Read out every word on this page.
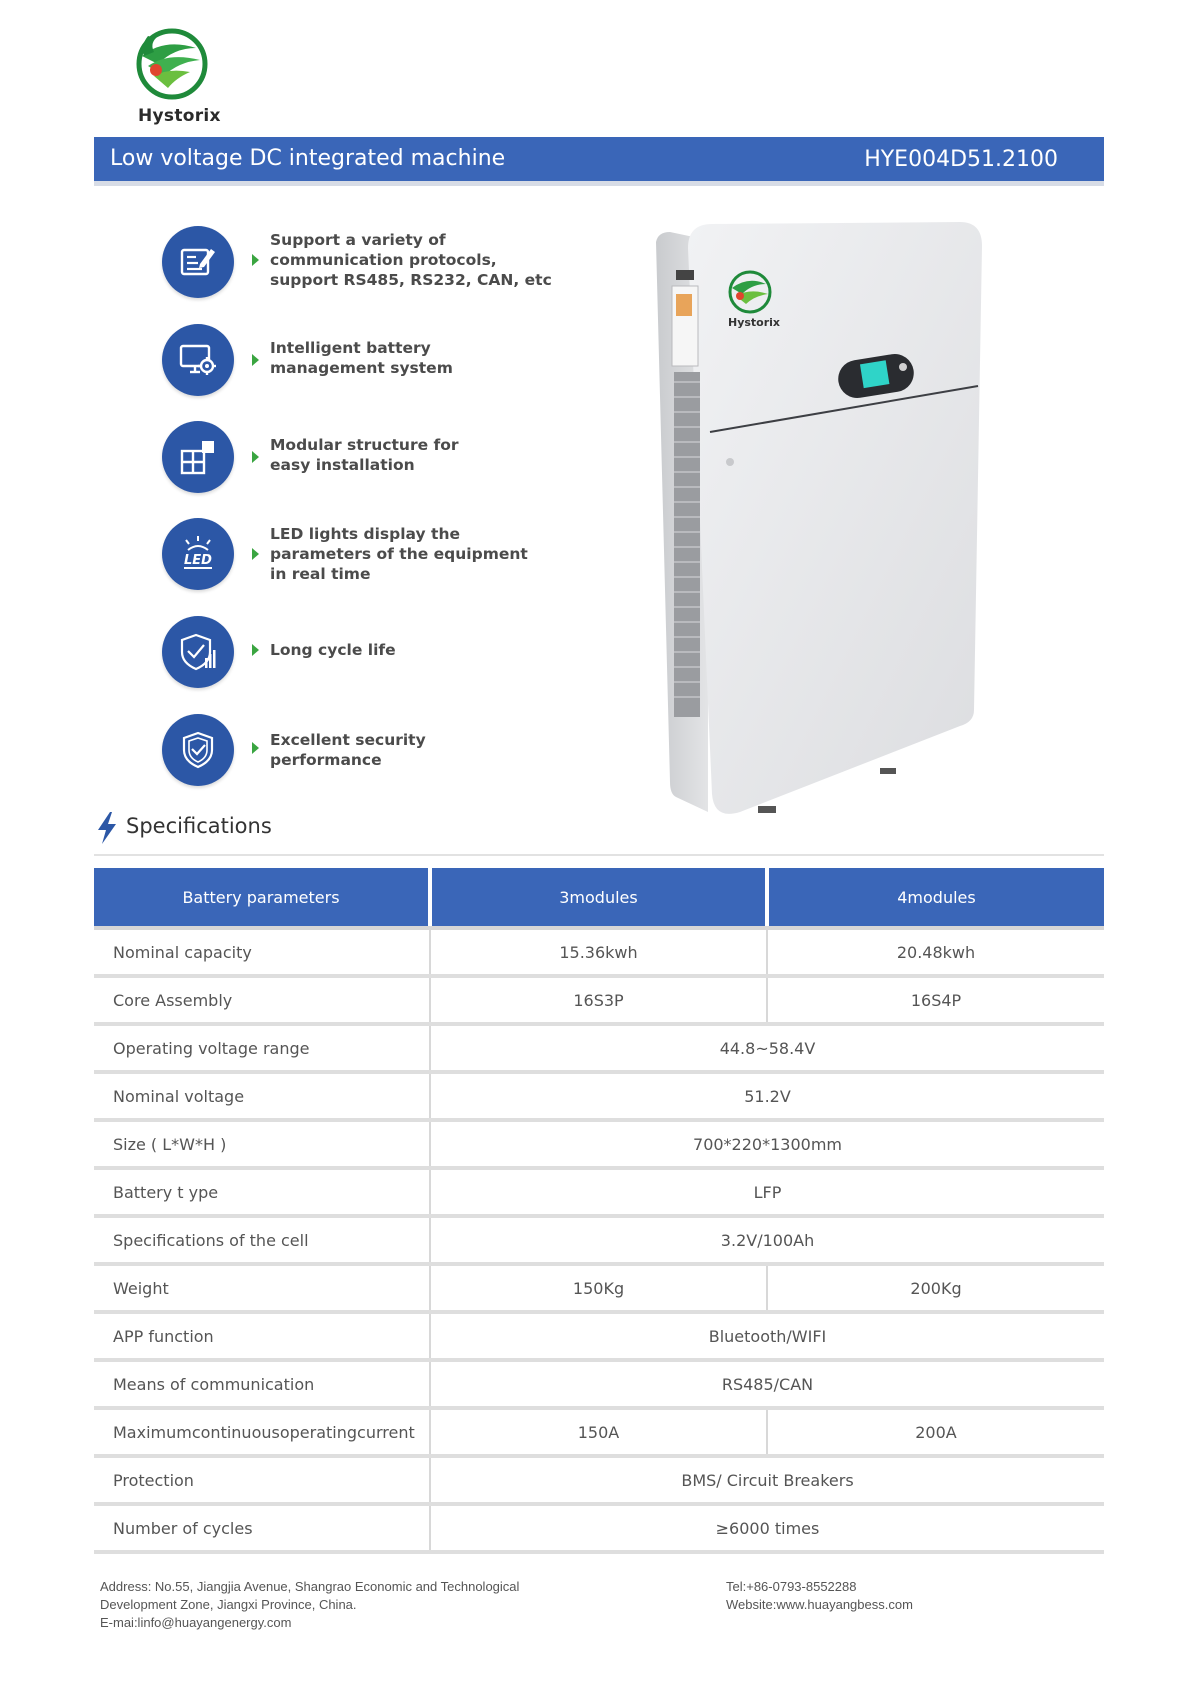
Hystorix
Low voltage DC integrated machine	HYE004D51.2100
Support a variety of
communication protocols,
support RS485, RS232, CAN, etc
Intelligent battery
management system
Modular structure for
easy installation
LED
LED lights display the
parameters of the equipment
in real time
Long cycle life
Excellent security
performance
Hystorix
Specifications
Battery parameters	3modules	4modules
Nominal capacity	15.36kwh	20.48kwh
Core Assembly	16S3P	16S4P
Operating voltage range	44.8~58.4V	
Nominal voltage	51.2V	
Size ( L*W*H )	700*220*1300mm	
Battery t ype	LFP	
Specifications of the cell	3.2V/100Ah	
Weight	150Kg	200Kg
APP function	Bluetooth/WIFI	
Means of communication	RS485/CAN	
Maximumcontinuousoperatingcurrent	150A	200A
Protection	BMS/ Circuit Breakers	
Number of cycles	≥6000 times	
Address: No.55, Jiangjia Avenue, Shangrao Economic and Technological
Development Zone, Jiangxi Province, China.
E-mai:linfo@huayangenergy.com
Tel:+86-0793-8552288
Website:www.huayangbess.com
